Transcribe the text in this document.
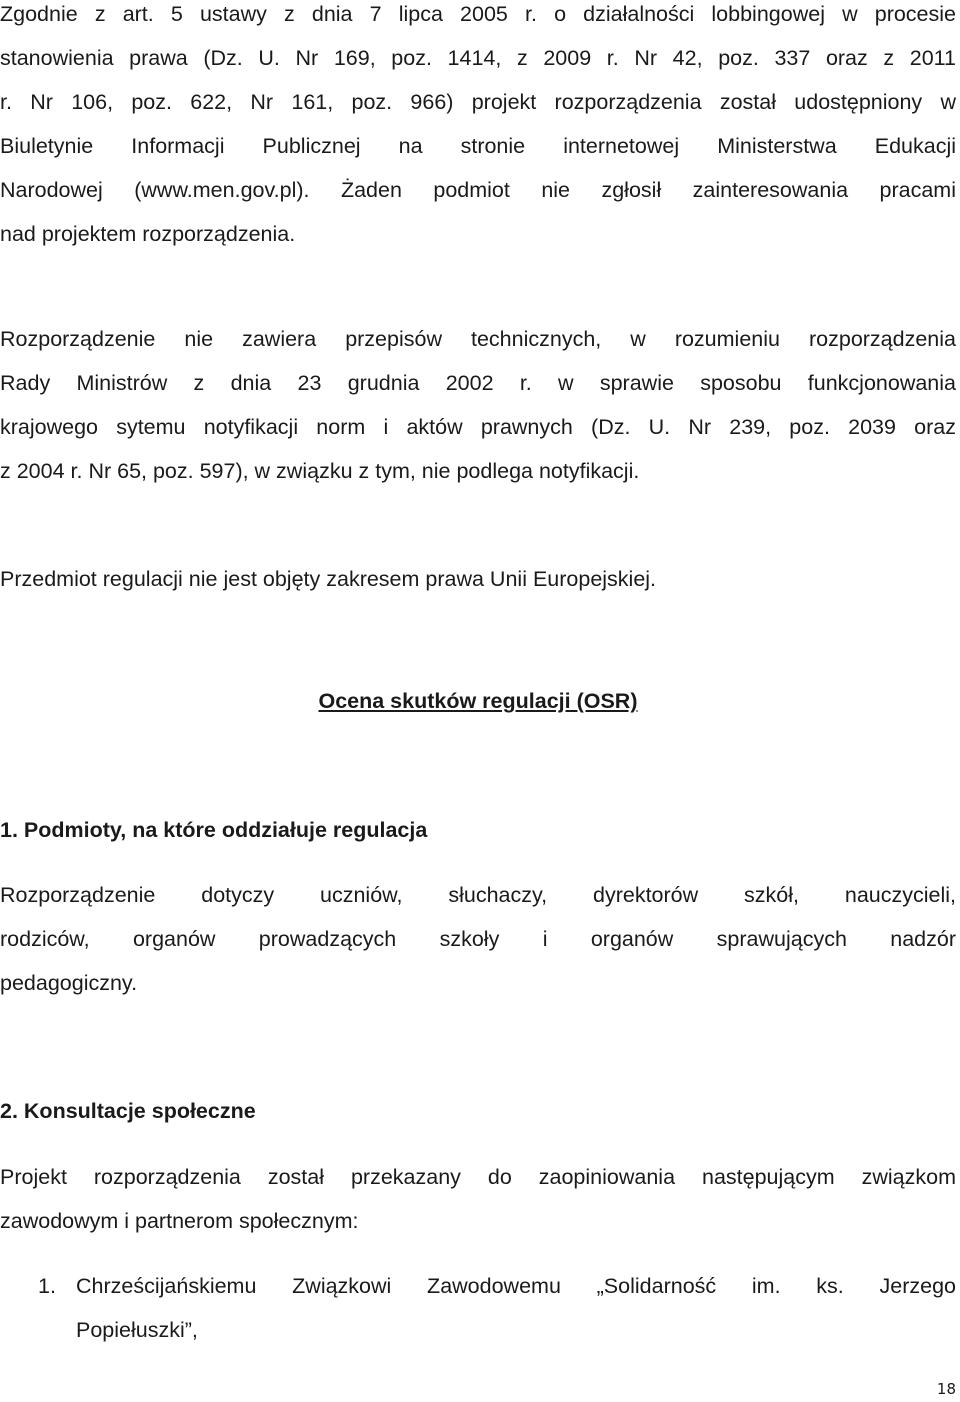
Zgodnie z art. 5 ustawy z dnia 7 lipca 2005 r. o działalności lobbingowej w procesie
stanowienia prawa (Dz. U. Nr 169, poz. 1414, z 2009 r. Nr 42, poz. 337 oraz z 2011
r. Nr 106, poz. 622, Nr 161, poz. 966) projekt rozporządzenia został udostępniony w
Biuletynie Informacji Publicznej na stronie internetowej Ministerstwa Edukacji
Narodowej (www.men.gov.pl). Żaden podmiot nie zgłosił zainteresowania pracami
nad projektem rozporządzenia.
Rozporządzenie nie zawiera przepisów technicznych, w rozumieniu rozporządzenia
Rady Ministrów z dnia 23 grudnia 2002 r. w sprawie sposobu funkcjonowania
krajowego sytemu notyfikacji norm i aktów prawnych (Dz. U. Nr 239, poz. 2039 oraz
z 2004 r. Nr 65, poz. 597), w związku z tym, nie podlega notyfikacji.
Przedmiot regulacji nie jest objęty zakresem prawa Unii Europejskiej.
Ocena skutków regulacji (OSR)
1. Podmioty, na które oddziałuje regulacja
Rozporządzenie dotyczy uczniów, słuchaczy, dyrektorów szkół, nauczycieli,
rodziców, organów prowadzących szkoły i organów sprawujących nadzór
pedagogiczny.
2. Konsultacje społeczne
Projekt rozporządzenia został przekazany do zaopiniowania następującym związkom
zawodowym i partnerom społecznym:
1. Chrześcijańskiemu Związkowi Zawodowemu „Solidarność im. ks. Jerzego
Popiełuszki”,
18
